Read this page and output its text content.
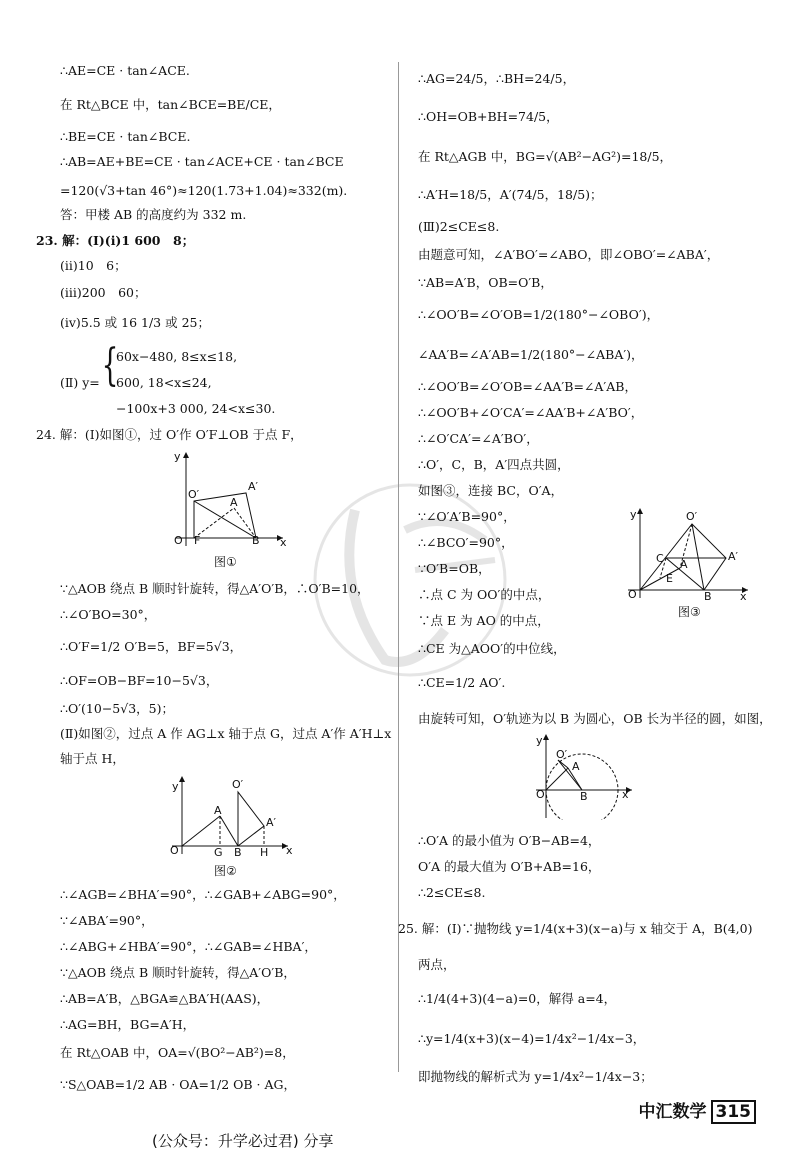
∴AE=CE · tan∠ACE.
在 Rt△BCE 中，tan∠BCE=BE/CE，
∴BE=CE · tan∠BCE.
∴AB=AE+BE=CE · tan∠ACE+CE · tan∠BCE
=120(√3+tan 46°)≈120(1.73+1.04)≈332(m).
答：甲楼 AB 的高度约为 332 m.
23. 解：(Ⅰ)(ⅰ)1 600　8；
(ⅱ)10　6；
(ⅲ)200　60；
(ⅳ)5.5 或 16 1/3 或 25；
(Ⅱ) y= {
60x−480, 8≤x≤18,
600, 18<x≤24,
−100x+3 000, 24<x≤30.
24. 解：(Ⅰ)如图①，过 O′作 O′F⊥OB 于点 F，
y
x
O F	B
A
A′
O′
图①
∵△AOB 绕点 B 顺时针旋转，得△A′O′B，∴O′B=10，
∴∠O′BO=30°，
∴O′F=1/2 O′B=5，BF=5√3，
∴OF=OB−BF=10−5√3，
∴O′(10−5√3，5)；
(Ⅱ)如图②，过点 A 作 AG⊥x 轴于点 G，过点 A′作 A′H⊥x
轴于点 H，
y
x
O	G B H
A
A′
O′
图②
∴∠AGB=∠BHA′=90°，∴∠GAB+∠ABG=90°，
∵∠ABA′=90°，
∴∠ABG+∠HBA′=90°，∴∠GAB=∠HBA′，
∵△AOB 绕点 B 顺时针旋转，得△A′O′B，
∴AB=A′B，△BGA≌△BA′H(AAS)，
∴AG=BH，BG=A′H，
在 Rt△OAB 中，OA=√(BO²−AB²)=8，
∵S△OAB=1/2 AB · OA=1/2 OB · AG，
∴AG=24/5，∴BH=24/5，
∴OH=OB+BH=74/5，
在 Rt△AGB 中，BG=√(AB²−AG²)=18/5，
∴A′H=18/5，A′(74/5，18/5)；
(Ⅲ)2≤CE≤8.
由题意可知，∠A′BO′=∠ABO，即∠OBO′=∠ABA′，
∵AB=A′B，OB=O′B，
∴∠OO′B=∠O′OB=1/2(180°−∠OBO′)，
∠AA′B=∠A′AB=1/2(180°−∠ABA′)，
∴∠OO′B=∠O′OB=∠AA′B=∠A′AB，
∴∠OO′B+∠O′CA′=∠AA′B+∠A′BO′，
∴∠O′CA′=∠A′BO′，
∴O′，C，B，A′四点共圆，
如图③，连接 BC，O′A，
∵∠O′A′B=90°，
∴∠BCO′=90°，
∵O′B=OB，
∴点 C 为 OO′的中点，
∵点 E 为 AO 的中点，
∴CE 为△AOO′的中位线，
∴CE=1/2 AO′.
由旋转可知，O′轨迹为以 B 为圆心，OB 长为半径的圆，如图，
y
x
O	B
C
E
A
A′
O′
图③
y
x
O	B
A
O′
∴O′A 的最小值为 O′B−AB=4，
O′A 的最大值为 O′B+AB=16，
∴2≤CE≤8.
25. 解：(Ⅰ)∵抛物线 y=1/4(x+3)(x−a)与 x 轴交于 A，B(4,0)
两点，
∴1/4(4+3)(4−a)=0，解得 a=4，
∴y=1/4(x+3)(x−4)=1/4x²−1/4x−3，
即抛物线的解析式为 y=1/4x²−1/4x−3；
中汇数学 315
(公众号：升学必过君) 分享
